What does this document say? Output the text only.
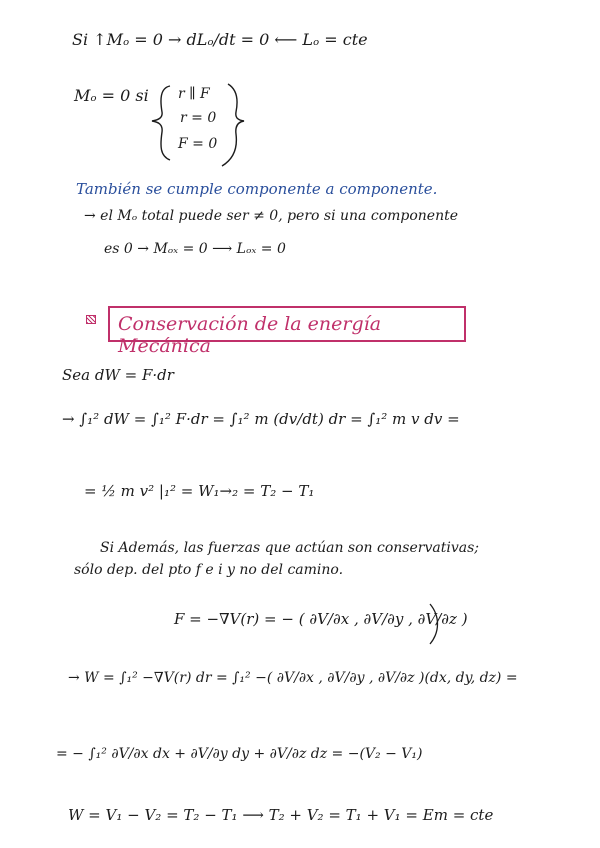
Si ↑Mₒ = 0 → dLₒ/dt = 0 ⟵ Lₒ = cte
Mₒ = 0 si r ∥ F
r = 0
F = 0
También se cumple componente a componente.
→ el Mₒ total puede ser ≠ 0, pero si una componente
es 0 → Mₒₓ = 0 ⟶ Lₒₓ = 0
Conservación de la energía Mecánica
Sea dW = F·dr
→ ∫₁² dW = ∫₁² F·dr = ∫₁² m (dv/dt) dr = ∫₁² m v dv =
= ½ m v² |₁² = W₁→₂ = T₂ − T₁
Si Además, las fuerzas que actúan son conservativas;
sólo dep. del pto f e i y no del camino.
F = −∇V(r) = − ( ∂V/∂x , ∂V/∂y , ∂V/∂z )
→ W = ∫₁² −∇V(r) dr = ∫₁² −( ∂V/∂x , ∂V/∂y , ∂V/∂z )(dx, dy, dz) =
= − ∫₁² ∂V/∂x dx + ∂V/∂y dy + ∂V/∂z dz = −(V₂ − V₁)
W = V₁ − V₂ = T₂ − T₁ ⟶ T₂ + V₂ = T₁ + V₁ = Em = cte
